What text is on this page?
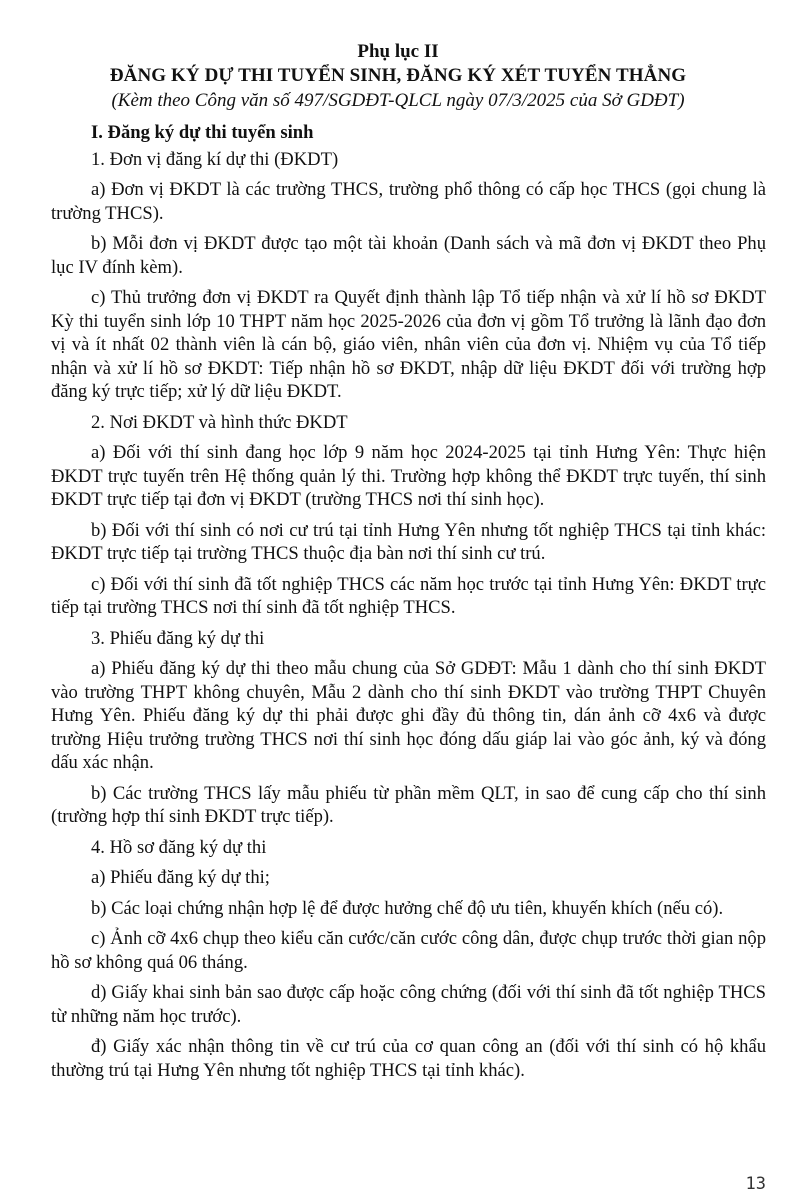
Phụ lục II
ĐĂNG KÝ DỰ THI TUYỂN SINH, ĐĂNG KÝ XÉT TUYỂN THẲNG
(Kèm theo Công văn số 497/SGDĐT-QLCL ngày 07/3/2025 của Sở GDĐT)

I. Đăng ký dự thi tuyển sinh

1. Đơn vị đăng kí dự thi (ĐKDT)

a) Đơn vị ĐKDT là các trường THCS, trường phổ thông có cấp học THCS (gọi chung là trường THCS).

b) Mỗi đơn vị ĐKDT được tạo một tài khoản (Danh sách và mã đơn vị ĐKDT theo Phụ lục IV đính kèm).

c) Thủ trưởng đơn vị ĐKDT ra Quyết định thành lập Tổ tiếp nhận và xử lí hồ sơ ĐKDT Kỳ thi tuyển sinh lớp 10 THPT năm học 2025-2026 của đơn vị gồm Tổ trưởng là lãnh đạo đơn vị và ít nhất 02 thành viên là cán bộ, giáo viên, nhân viên của đơn vị. Nhiệm vụ của Tổ tiếp nhận và xử lí hồ sơ ĐKDT: Tiếp nhận hồ sơ ĐKDT, nhập dữ liệu ĐKDT đối với trường hợp đăng ký trực tiếp; xử lý dữ liệu ĐKDT.

2. Nơi ĐKDT và hình thức ĐKDT

a) Đối với thí sinh đang học lớp 9 năm học 2024-2025 tại tỉnh Hưng Yên: Thực hiện ĐKDT trực tuyến trên Hệ thống quản lý thi. Trường hợp không thể ĐKDT trực tuyến, thí sinh ĐKDT trực tiếp tại đơn vị ĐKDT (trường THCS nơi thí sinh học).

b) Đối với thí sinh có nơi cư trú tại tỉnh Hưng Yên nhưng tốt nghiệp THCS tại tỉnh khác: ĐKDT trực tiếp tại trường THCS thuộc địa bàn nơi thí sinh cư trú.

c) Đối với thí sinh đã tốt nghiệp THCS các năm học trước tại tỉnh Hưng Yên: ĐKDT trực tiếp tại trường THCS nơi thí sinh đã tốt nghiệp THCS.

3. Phiếu đăng ký dự thi

a) Phiếu đăng ký dự thi theo mẫu chung của Sở GDĐT: Mẫu 1 dành cho thí sinh ĐKDT vào trường THPT không chuyên, Mẫu 2 dành cho thí sinh ĐKDT vào trường THPT Chuyên Hưng Yên. Phiếu đăng ký dự thi phải được ghi đầy đủ thông tin, dán ảnh cỡ 4x6 và được trường Hiệu trưởng trường THCS nơi thí sinh học đóng dấu giáp lai vào góc ảnh, ký và đóng dấu xác nhận.

b) Các trường THCS lấy mẫu phiếu từ phần mềm QLT, in sao để cung cấp cho thí sinh (trường hợp thí sinh ĐKDT trực tiếp).

4. Hồ sơ đăng ký dự thi

a) Phiếu đăng ký dự thi;

b) Các loại chứng nhận hợp lệ để được hưởng chế độ ưu tiên, khuyến khích (nếu có).

c) Ảnh cỡ 4x6 chụp theo kiểu căn cước/căn cước công dân, được chụp trước thời gian nộp hồ sơ không quá 06 tháng.

d) Giấy khai sinh bản sao được cấp hoặc công chứng (đối với thí sinh đã tốt nghiệp THCS từ những năm học trước).

đ) Giấy xác nhận thông tin về cư trú của cơ quan công an (đối với thí sinh có hộ khẩu thường trú tại Hưng Yên nhưng tốt nghiệp THCS tại tỉnh khác).

13
